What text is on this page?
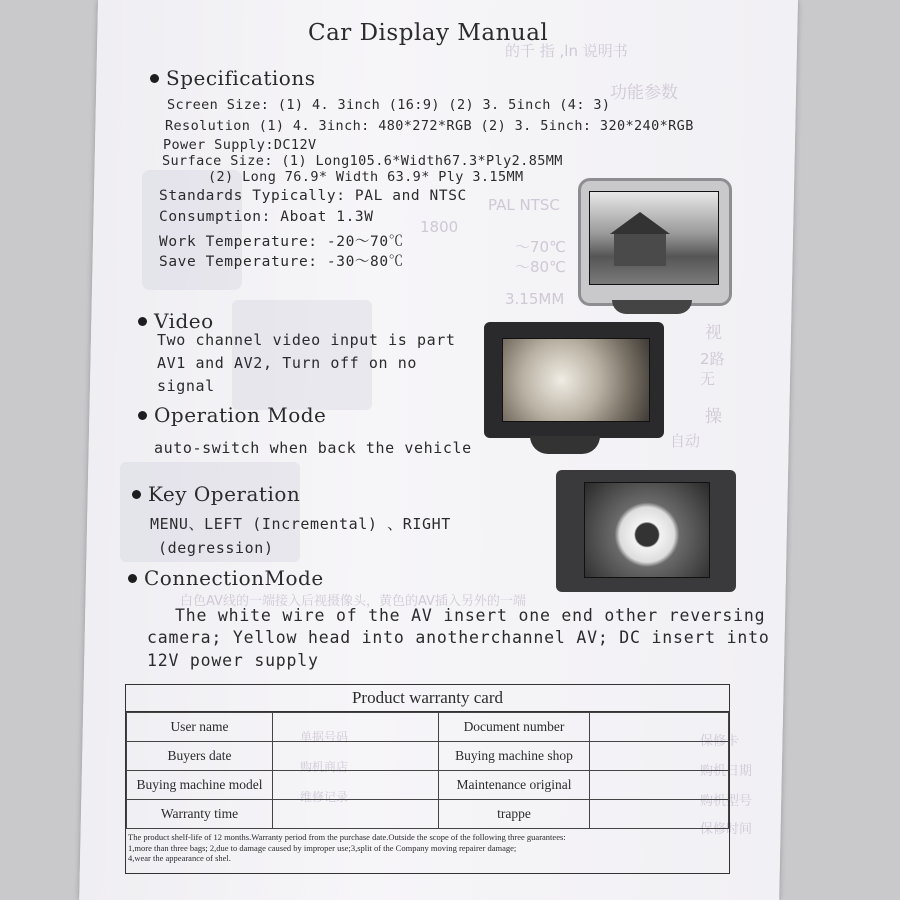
的千 指 ,ln 说明书
功能参数
PAL NTSC
1800
～70℃
～80℃
3.15MM
视
2路
无
操
自动
白色AV线的一端接入后视摄像头，黄色的AV插入另外的一端
保修卡
购机日期
购机型号
保修时间
单据号码
购机商店
维修记录
Car Display Manual
Specifications
Screen Size: (1) 4. 3inch (16:9) (2) 3. 5inch (4: 3)
Resolution (1) 4. 3inch: 480*272*RGB (2) 3. 5inch: 320*240*RGB
Power Supply:DC12V
Surface Size: (1) Long105.6*Width67.3*Ply2.85MM
(2) Long 76.9* Width 63.9* Ply 3.15MM
Standards Typically: PAL and NTSC
Consumption: Aboat 1.3W
Work Temperature: -20～70℃
Save Temperature: -30～80℃
Video
Two channel video input is part
AV1 and AV2, Turn off on no
signal
Operation Mode
auto-switch when back the vehicle
Key Operation
MENU、LEFT (Incremental) 、RIGHT
(degression)
ConnectionMode
The white wire of the AV insert one end other reversing
camera; Yellow head into anotherchannel AV; DC insert into
12V power supply
Product warranty card
User name		Document number	
Buyers date		Buying machine shop	
Buying machine model		Maintenance original	
Warranty time		trappe	
The product shelf-life of 12 months.Warranty period from the purchase date.Outside the scope of the following three guarantees:
1,more than three bags; 2,due to damage caused by improper use;3,split of the Company moving repairer damage;
4,wear the appearance of shel.
